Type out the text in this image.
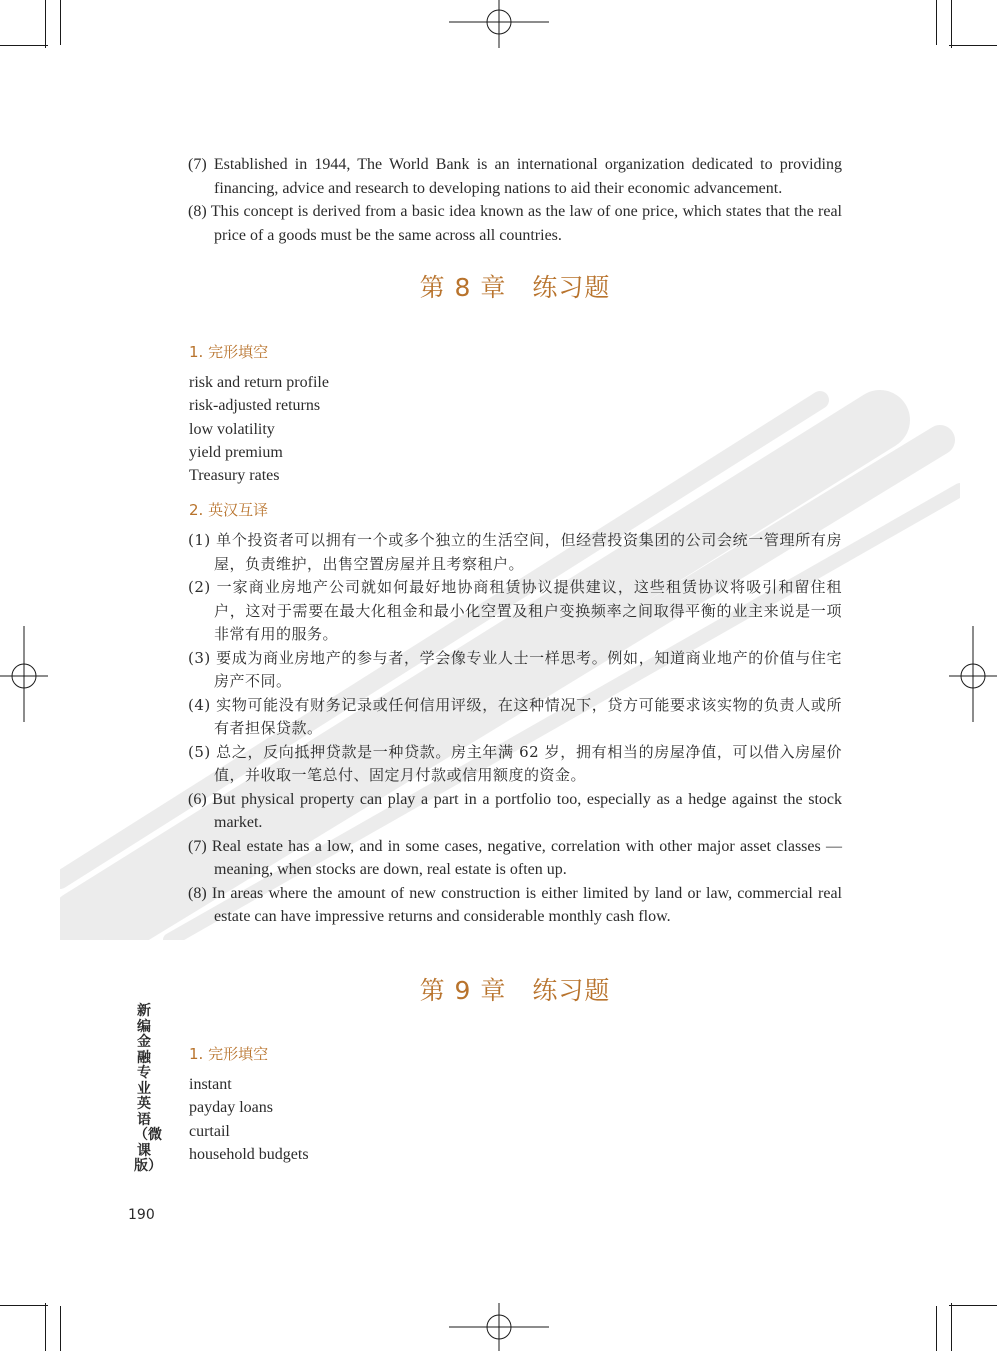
(7) Established in 1944, The World Bank is an international organization dedicated to providing financing, advice and research to developing nations to aid their economic advancement.

(8) This concept is derived from a basic idea known as the law of one price, which states that the real price of a goods must be the same across all countries.

第 8 章　练习题
1. 完形填空
risk and return profile
risk-adjusted returns
low volatility
yield premium
Treasury rates
2. 英汉互译

(1) 单个投资者可以拥有一个或多个独立的生活空间，但经营投资集团的公司会统一管理所有房屋，负责维护，出售空置房屋并且考察租户。

(2) 一家商业房地产公司就如何最好地协商租赁协议提供建议，这些租赁协议将吸引和留住租户，这对于需要在最大化租金和最小化空置及租户变换频率之间取得平衡的业主来说是一项非常有用的服务。

(3) 要成为商业房地产的参与者，学会像专业人士一样思考。例如，知道商业地产的价值与住宅房产不同。

(4) 实物可能没有财务记录或任何信用评级，在这种情况下，贷方可能要求该实物的负责人或所有者担保贷款。

(5) 总之，反向抵押贷款是一种贷款。房主年满 62 岁，拥有相当的房屋净值，可以借入房屋价值，并收取一笔总付、固定月付款或信用额度的资金。

(6) But physical property can play a part in a portfolio too, especially as a hedge against the stock market.

(7) Real estate has a low, and in some cases, negative, correlation with other major asset classes — meaning, when stocks are down, real estate is often up.

(8) In areas where the amount of new construction is either limited by land or law, commercial real estate can have impressive returns and considerable monthly cash flow.

第 9 章　练习题
1. 完形填空
instant
payday loans
curtail
household budgets
新编金融专业英语（微课版）
190
